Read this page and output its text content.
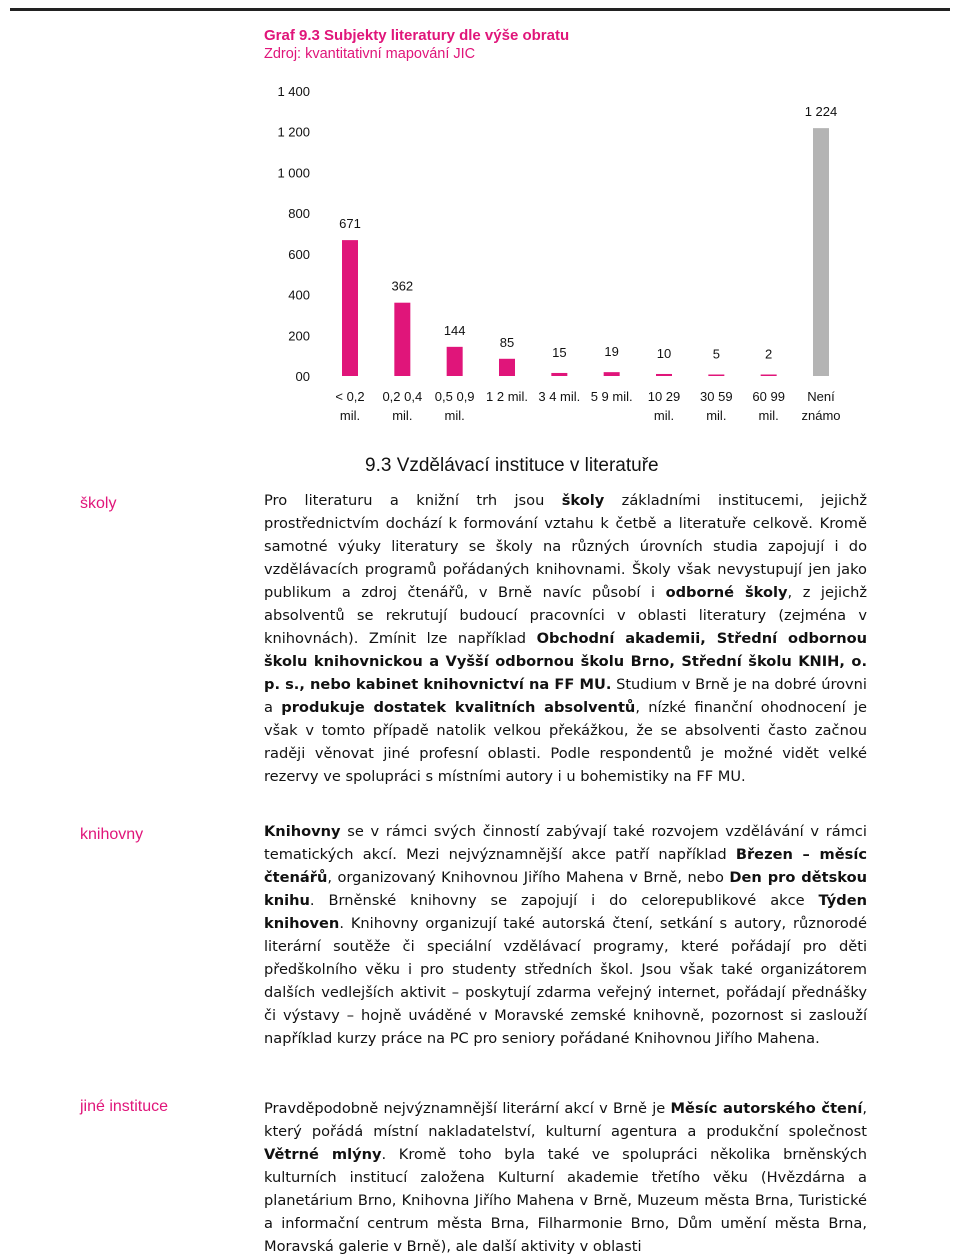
Graf 9.3 Subjekty literatury dle výše obratu
Zdroj: kvantitativní mapování JIC
1 400
1 200
1 000
800
600
400
200
00
671
< 0,2
mil.
362
0,2 0,4
mil.
144
0,5 0,9
mil.
85
1 2 mil.
15
3 4 mil.
19
5 9 mil.
10
10 29
mil.
5
30 59
mil.
2
60 99
mil.
1 224
Není
známo
školy
knihovny
jiné instituce
9.3 Vzdělávací instituce v literatuře

Pro literaturu a knižní trh jsou školy základními institucemi, jejichž prostřednictvím dochází k formování vztahu k četbě a literatuře celkově. Kromě samotné výuky literatury se školy na různých úrovních studia zapojují i do vzdělávacích programů pořádaných knihovnami. Školy však nevystupují jen jako publikum a zdroj čtenářů, v Brně navíc působí i odborné školy, z jejichž absolventů se rekrutují budoucí pracovníci v oblasti literatury (zejména v knihovnách). Zmínit lze například Obchodní akademii, Střední odbornou školu knihovnickou a Vyšší odbornou školu Brno, Střední školu KNIH, o. p. s., nebo kabinet knihovnictví na FF MU. Studium v Brně je na dobré úrovni a produkuje dostatek kvalitních absolventů, nízké finanční ohodnocení je však v tomto případě natolik velkou překážkou, že se absolventi často začnou raději věnovat jiné profesní oblasti. Podle respondentů je možné vidět velké rezervy ve spolupráci s místními autory i u bohemistiky na FF MU.

Knihovny se v rámci svých činností zabývají také rozvojem vzdělávání v rámci tematických akcí. Mezi nejvýznamnější akce patří například Březen – měsíc čtenářů, organizovaný Knihovnou Jiřího Mahena v Brně, nebo Den pro dětskou knihu. Brněnské knihovny se zapojují i do celorepublikové akce Týden knihoven. Knihovny organizují také autorská čtení, setkání s autory, různorodé literární soutěže či speciální vzdělávací programy, které pořádají pro děti předškolního věku i pro studenty středních škol. Jsou však také organizátorem dalších vedlejších aktivit – poskytují zdarma veřejný internet, pořádají přednášky či výstavy – hojně uváděné v Moravské zemské knihovně, pozornost si zaslouží například kurzy práce na PC pro seniory pořádané Knihovnou Jiřího Mahena.

Pravděpodobně nejvýznamnější literární akcí v Brně je Měsíc autorského čtení, který pořádá místní nakladatelství, kulturní agentura a produkční společnost Větrné mlýny. Kromě toho byla také ve spolupráci několika brněnských kulturních institucí založena Kulturní akademie třetího věku (Hvězdárna a planetárium Brno, Knihovna Jiřího Mahena v Brně, Muzeum města Brna, Turistické a informační centrum města Brna, Filharmonie Brno, Dům umění města Brna, Moravská galerie v Brně), ale další aktivity v oblasti
